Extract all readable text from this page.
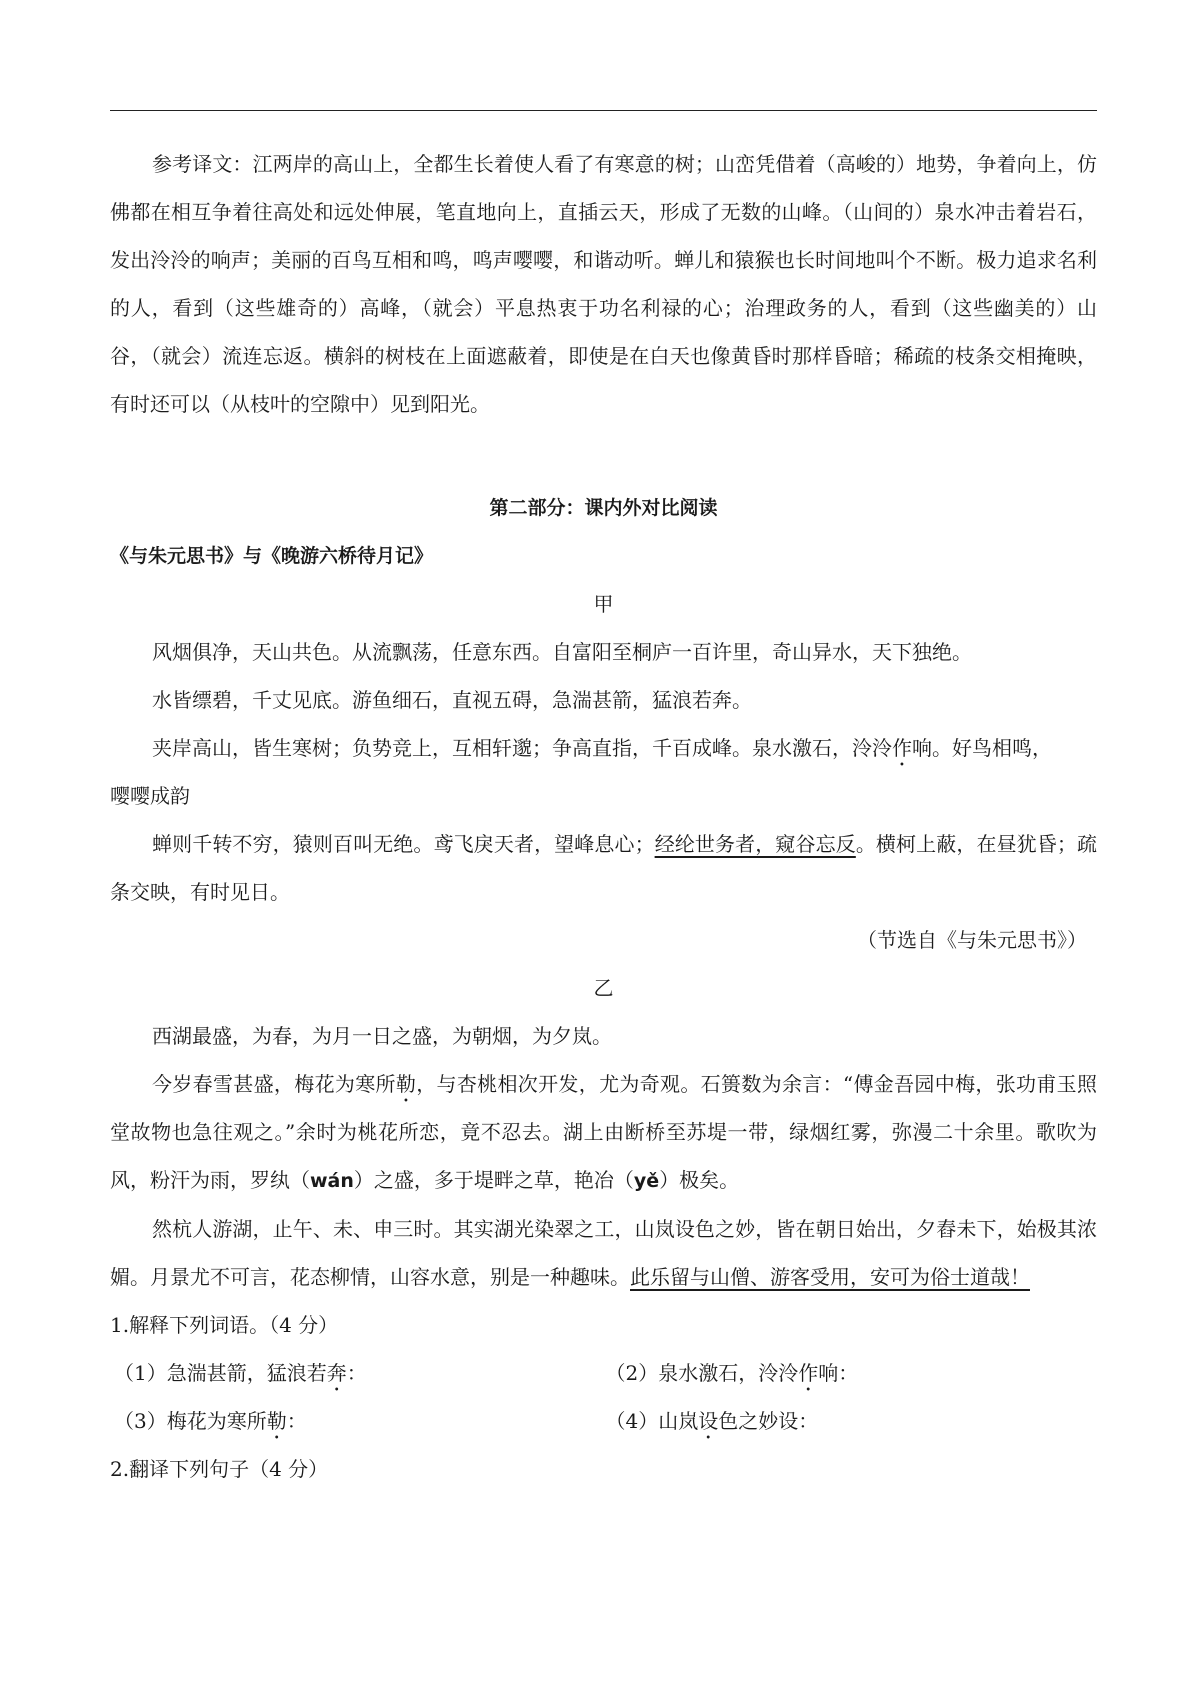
参考译文：江两岸的高山上，全都生长着使人看了有寒意的树；山峦凭借着（高峻的）地势，争着向上，仿佛都在相互争着往高处和远处伸展，笔直地向上，直插云天，形成了无数的山峰。（山间的）泉水冲击着岩石，发出泠泠的响声；美丽的百鸟互相和鸣，鸣声嘤嘤，和谐动听。蝉儿和猿猴也长时间地叫个不断。极力追求名利的人，看到（这些雄奇的）高峰，（就会）平息热衷于功名利禄的心；治理政务的人，看到（这些幽美的）山谷，（就会）流连忘返。横斜的树枝在上面遮蔽着，即使是在白天也像黄昏时那样昏暗；稀疏的枝条交相掩映，有时还可以（从枝叶的空隙中）见到阳光。

第二部分：课内外对比阅读

《与朱元思书》与《晚游六桥待月记》

甲

风烟俱净，天山共色。从流飘荡，任意东西。自富阳至桐庐一百许里，奇山异水，天下独绝。

水皆缥碧，千丈见底。游鱼细石，直视五碍，急湍甚箭，猛浪若奔。

夹岸高山，皆生寒树；负势竞上，互相轩邈；争高直指，千百成峰。泉水激石，泠泠作响。好鸟相鸣，

嘤嘤成韵

蝉则千转不穷，猿则百叫无绝。鸢飞戾天者，望峰息心；经纶世务者，窥谷忘反。横柯上蔽，在昼犹昏；疏条交映，有时见日。

（节选自《与朱元思书》）

乙

西湖最盛，为春，为月一日之盛，为朝烟，为夕岚。

今岁春雪甚盛，梅花为寒所勒，与杏桃相次开发，尤为奇观。石篑数为余言：“傅金吾园中梅，张功甫玉照堂故物也急往观之。”余时为桃花所恋，竟不忍去。湖上由断桥至苏堤一带，绿烟红雾，弥漫二十余里。歌吹为风，粉汗为雨，罗纨（wán）之盛，多于堤畔之草，艳冶（yě）极矣。

然杭人游湖，止午、未、申三时。其实湖光染翠之工，山岚设色之妙，皆在朝日始出，夕舂未下，始极其浓媚。月景尤不可言，花态柳情，山容水意，别是一种趣味。此乐留与山僧、游客受用，安可为俗士道哉！

1.解释下列词语。（4 分）

（1）急湍甚箭，猛浪若奔：	（2）泉水激石，泠泠作响：
（3）梅花为寒所勒：	（4）山岚设色之妙设：

2.翻译下列句子（4 分）
